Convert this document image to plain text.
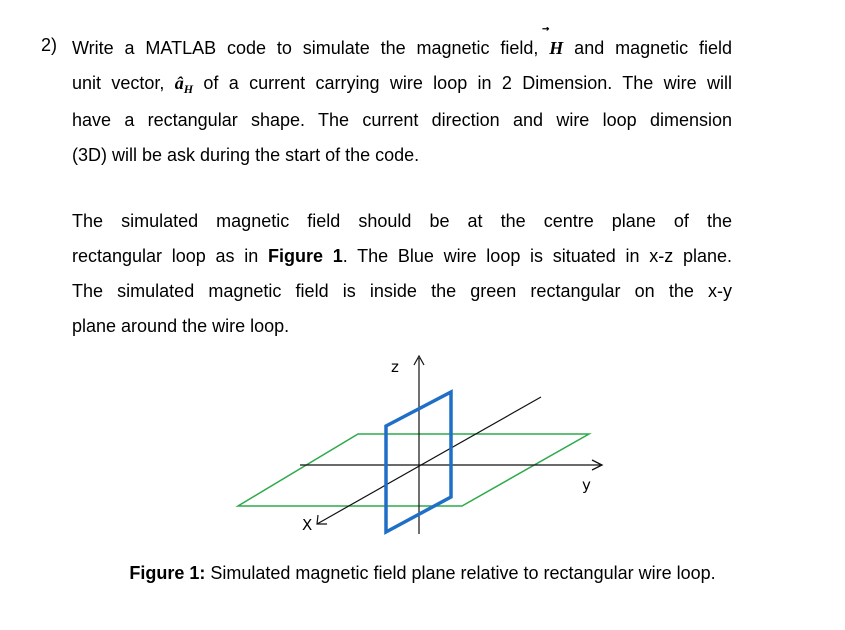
2) Write a MATLAB code to simulate the magnetic field,
H and magnetic field
unit vector, $â_H$ of a current carrying wire loop in 2 Dimension. The wire will
have a rectangular shape. The current direction and wire loop dimension
(3D) will be ask during the start of the code.
The simulated magnetic field should be at the centre plane of the
rectangular loop as in Figure 1. The Blue wire loop is situated in x-z plane.
The simulated magnetic field is inside the green rectangular on the x-y
plane around the wire loop.
z
y
X
Figure 1: Simulated magnetic field plane relative to rectangular wire loop.
